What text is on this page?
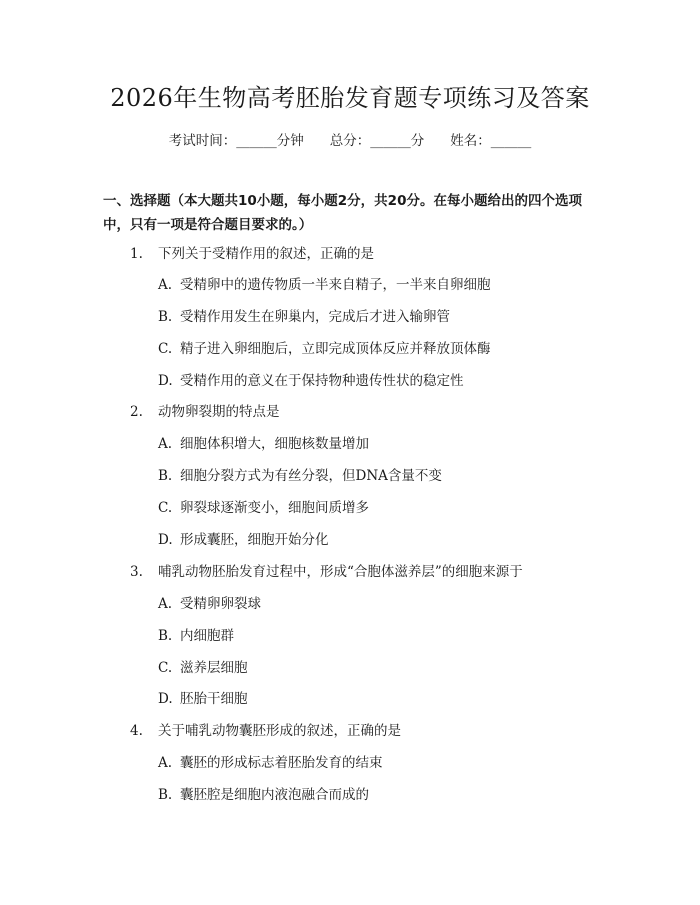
2026年生物高考胚胎发育题专项练习及答案
考试时间：______分钟 总分：______分 姓名：______
一、选择题（本大题共10小题，每小题2分，共20分。在每小题给出的四个选项中，只有一项是符合题目要求的。）
1. 下列关于受精作用的叙述，正确的是
A. 受精卵中的遗传物质一半来自精子，一半来自卵细胞
B. 受精作用发生在卵巢内，完成后才进入输卵管
C. 精子进入卵细胞后，立即完成顶体反应并释放顶体酶
D. 受精作用的意义在于保持物种遗传性状的稳定性
2. 动物卵裂期的特点是
A. 细胞体积增大，细胞核数量增加
B. 细胞分裂方式为有丝分裂，但DNA含量不变
C. 卵裂球逐渐变小，细胞间质增多
D. 形成囊胚，细胞开始分化
3. 哺乳动物胚胎发育过程中，形成“合胞体滋养层”的细胞来源于
A. 受精卵卵裂球
B. 内细胞群
C. 滋养层细胞
D. 胚胎干细胞
4. 关于哺乳动物囊胚形成的叙述，正确的是
A. 囊胚的形成标志着胚胎发育的结束
B. 囊胚腔是细胞内液泡融合而成的
